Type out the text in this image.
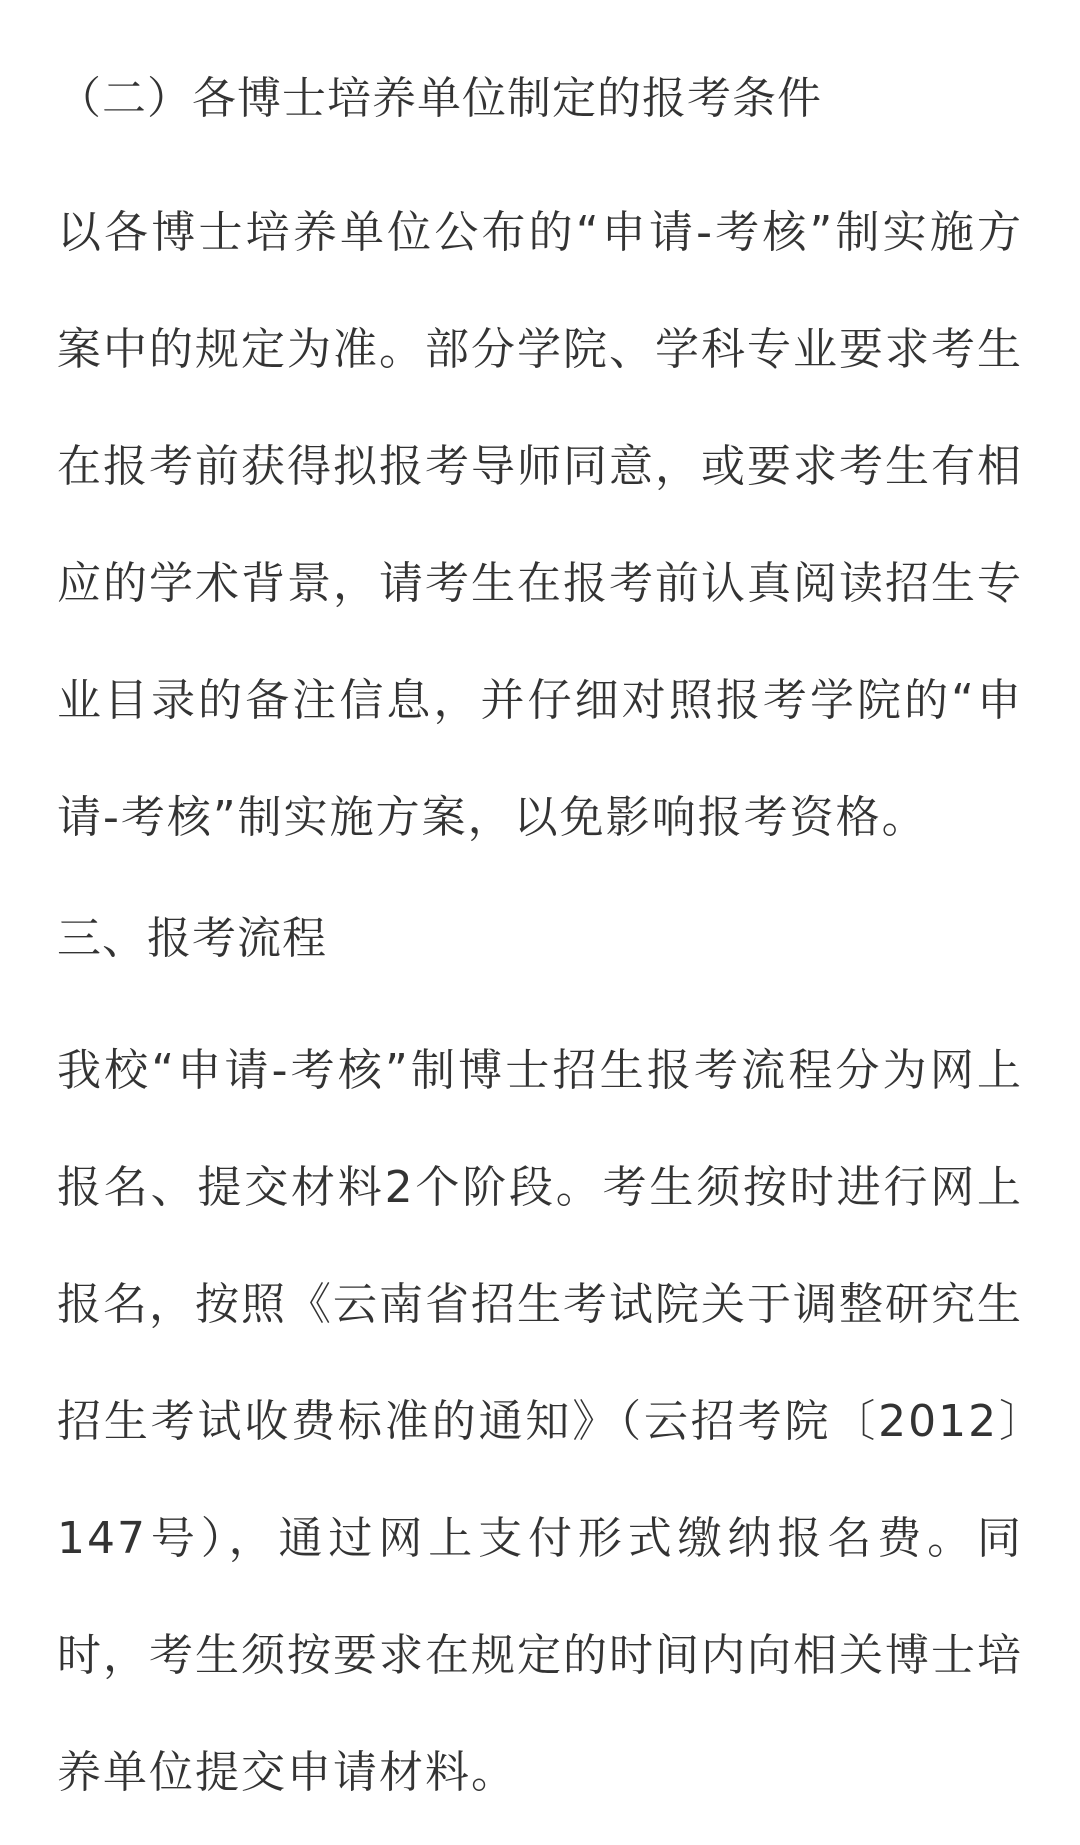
（二）各博士培养单位制定的报考条件

以各博士培养单位公布的“申请-考核”制实施方案中的规定为准。部分学院、学科专业要求考生在报考前获得拟报考导师同意，或要求考生有相应的学术背景，请考生在报考前认真阅读招生专业目录的备注信息，并仔细对照报考学院的“申请-考核”制实施方案，以免影响报考资格。

三、报考流程

我校“申请-考核”制博士招生报考流程分为网上报名、提交材料2个阶段。考生须按时进行网上报名，按照《云南省招生考试院关于调整研究生招生考试收费标准的通知》（云招考院〔2012〕147号），通过网上支付形式缴纳报名费。同时，考生须按要求在规定的时间内向相关博士培养单位提交申请材料。
